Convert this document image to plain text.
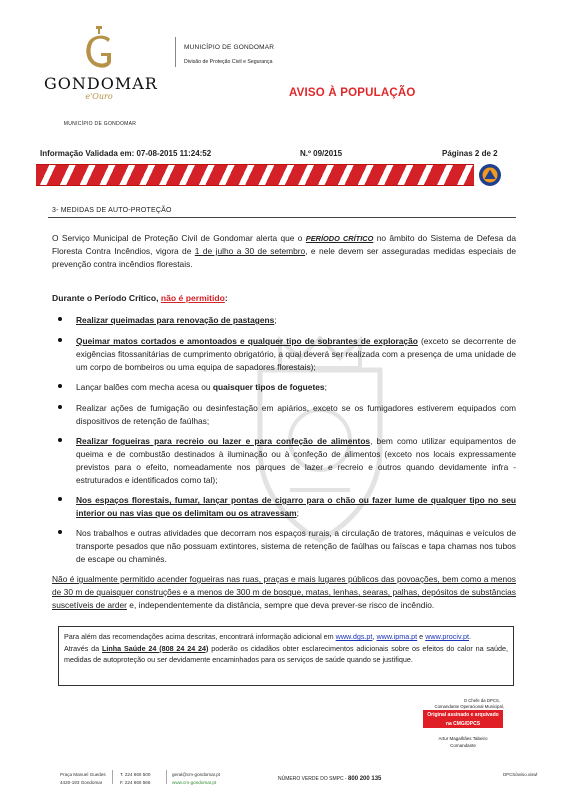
GONDOMAR
e'Ouro
MUNICÍPIO DE GONDOMAR
MUNICÍPIO DE GONDOMAR
Divisão de Proteção Civil e Segurança
AVISO À POPULAÇÃO
Informação Validada em: 07-08-2015 11:24:52	N.º 09/2015	Páginas 2 de 2
3- MEDIDAS DE AUTO-PROTEÇÃO
O Serviço Municipal de Proteção Civil de Gondomar alerta que o PERÍODO CRÍTICO no âmbito do Sistema de Defesa da Floresta Contra Incêndios, vigora de 1 de julho a 30 de setembro, e nele devem ser asseguradas medidas especiais de prevenção contra incêndios florestais.
Durante o Período Crítico, não é permitido:
Realizar queimadas para renovação de pastagens;
Queimar matos cortados e amontoados e qualquer tipo de sobrantes de exploração (exceto se decorrente de exigências fitossanitárias de cumprimento obrigatório, a qual deverá ser realizada com a presença de uma unidade de um corpo de bombeiros ou uma equipa de sapadores florestais);
Lançar balões com mecha acesa ou quaisquer tipos de foguetes;
Realizar ações de fumigação ou desinfestação em apiários, exceto se os fumigadores estiverem equipados com dispositivos de retenção de faúlhas;
Realizar fogueiras para recreio ou lazer e para confeção de alimentos, bem como utilizar equipamentos de queima e de combustão destinados à iluminação ou à confeção de alimentos (exceto nos locais expressamente previstos para o efeito, nomeadamente nos parques de lazer e recreio e outros quando devidamente infra -estruturados e identificados como tal);
Nos espaços florestais, fumar, lançar pontas de cigarro para o chão ou fazer lume de qualquer tipo no seu interior ou nas vias que os delimitam ou os atravessam;
Nos trabalhos e outras atividades que decorram nos espaços rurais, a circulação de tratores, máquinas e veículos de transporte pesados que não possuam extintores, sistema de retenção de faúlhas ou faíscas e tapa chamas nos tubos de escape ou chaminés.
Não é igualmente permitido acender fogueiras nas ruas, praças e mais lugares públicos das povoações, bem como a menos de 30 m de quaisquer construções e a menos de 300 m de bosque, matas, lenhas, searas, palhas, depósitos de substâncias suscetíveis de arder e, independentemente da distância, sempre que deva prever-se risco de incêndio.
Para além das recomendações acima descritas, encontrará informação adicional em www.dgs.pt, www.ipma.pt e www.prociv.pt.
Através da Linha Saúde 24 (808 24 24 24) poderão os cidadãos obter esclarecimentos adicionais sobre os efeitos do calor na saúde, medidas de autoproteção ou ser devidamente encaminhados para os serviços de saúde quando se justifique.
O Chefe da DPCS,
Comandante Operacional Municipal,
Original assinado e arquivado
na CMG/DPCS
Artur Magalhães Tabeiro
Comandante
Praça Manuel Guedes
4420-193 Gondomar
T. 224 660 500
F. 224 660 566
geral@cm-gondomar.pt
www.cm-gondomar.pt	NÚMERO VERDE DO SMPC - 800 200 135
DPCS/aviso.xiswl
